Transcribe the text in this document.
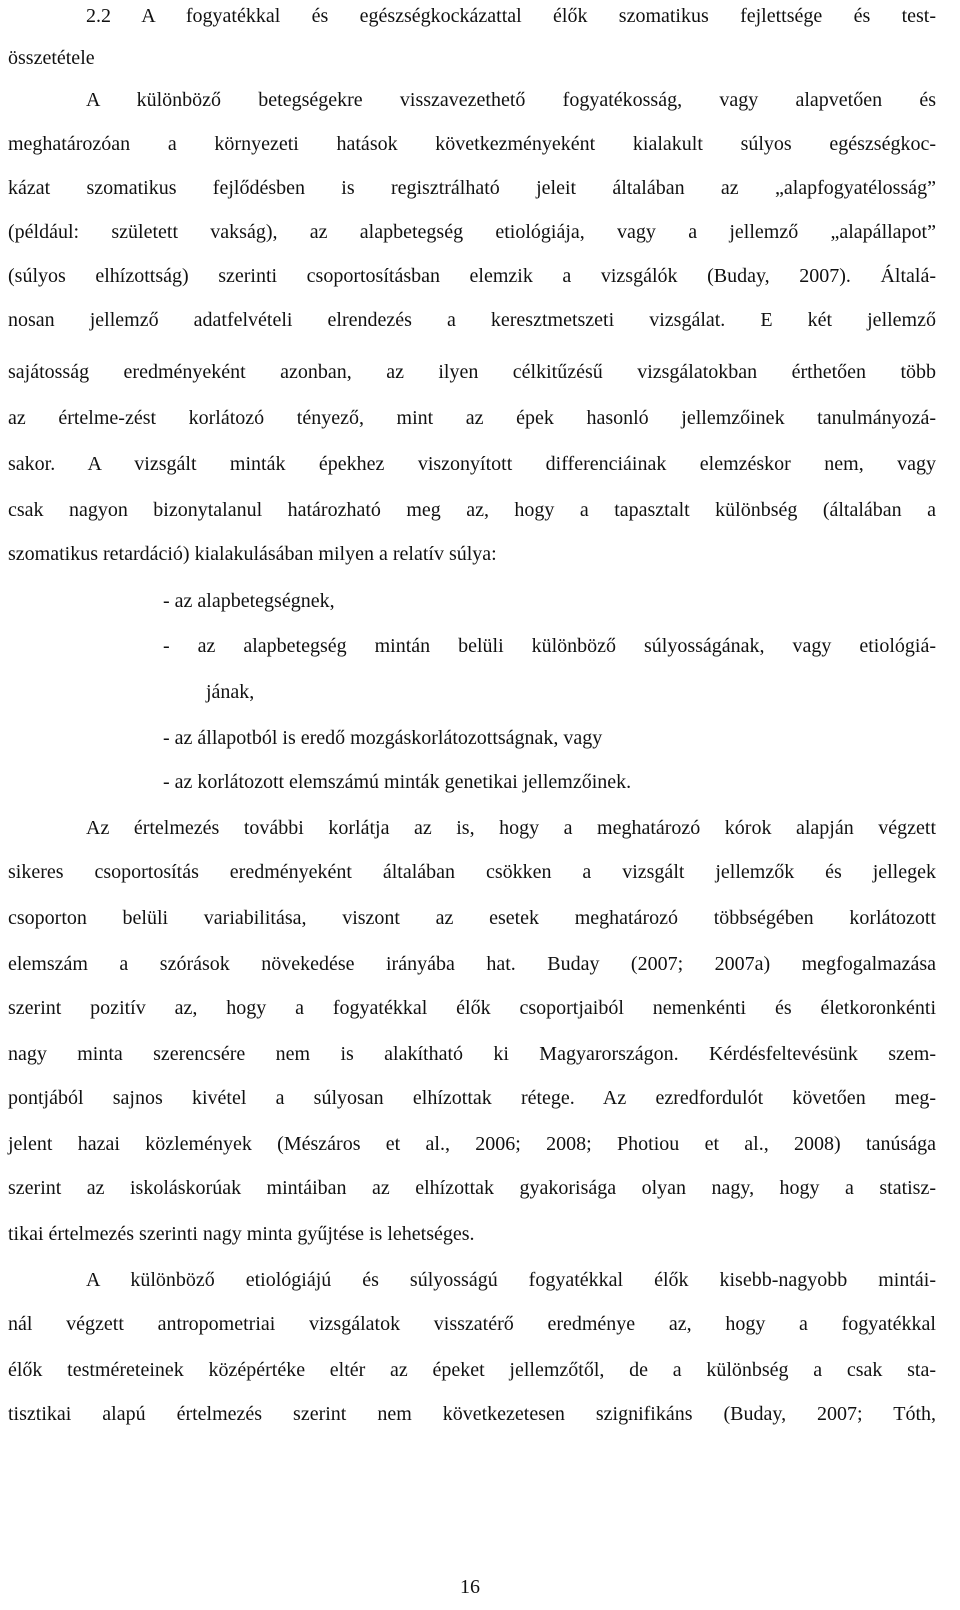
2.2 A fogyatékkal és egészségkockázattal élők szomatikus fejlettsége és test-
összetétele
A különböző betegségekre visszavezethető fogyatékosság, vagy alapvetően és
meghatározóan a környezeti hatások következményeként kialakult súlyos egészségkoc-
kázat szomatikus fejlődésben is regisztrálható jeleit általában az „alapfogyatélosság”
(például: született vakság), az alapbetegség etiológiája, vagy a jellemző „alapállapot”
(súlyos elhízottság) szerinti csoportosításban elemzik a vizsgálók (Buday, 2007). Általá-
nosan jellemző adatfelvételi elrendezés a keresztmetszeti vizsgálat. E két jellemző
sajátosság eredményeként azonban, az ilyen célkitűzésű vizsgálatokban érthetően több
az értelme-zést korlátozó tényező, mint az épek hasonló jellemzőinek tanulmányozá-
sakor. A vizsgált minták épekhez viszonyított differenciáinak elemzéskor nem, vagy
csak nagyon bizonytalanul határozható meg az, hogy a tapasztalt különbség (általában a
szomatikus retardáció) kialakulásában milyen a relatív súlya:
- az alapbetegségnek,
- az alapbetegség mintán belüli különböző súlyosságának, vagy etiológiá-
jának,
- az állapotból is eredő mozgáskorlátozottságnak, vagy
- az korlátozott elemszámú minták genetikai jellemzőinek.
Az értelmezés további korlátja az is, hogy a meghatározó kórok alapján végzett
sikeres csoportosítás eredményeként általában csökken a vizsgált jellemzők és jellegek
csoporton belüli variabilitása, viszont az esetek meghatározó többségében korlátozott
elemszám a szórások növekedése irányába hat. Buday (2007; 2007a) megfogalmazása
szerint pozitív az, hogy a fogyatékkal élők csoportjaiból nemenkénti és életkoronkénti
nagy minta szerencsére nem is alakítható ki Magyarországon. Kérdésfeltevésünk szem-
pontjából sajnos kivétel a súlyosan elhízottak rétege. Az ezredfordulót követően meg-
jelent hazai közlemények (Mészáros et al., 2006; 2008; Photiou et al., 2008) tanúsága
szerint az iskoláskorúak mintáiban az elhízottak gyakorisága olyan nagy, hogy a statisz-
tikai értelmezés szerinti nagy minta gyűjtése is lehetséges.
A különböző etiológiájú és súlyosságú fogyatékkal élők kisebb-nagyobb mintái-
nál végzett antropometriai vizsgálatok visszatérő eredménye az, hogy a fogyatékkal
élők testméreteinek középértéke eltér az épeket jellemzőtől, de a különbség a csak sta-
tisztikai alapú értelmezés szerint nem következetesen szignifikáns (Buday, 2007; Tóth,
16
